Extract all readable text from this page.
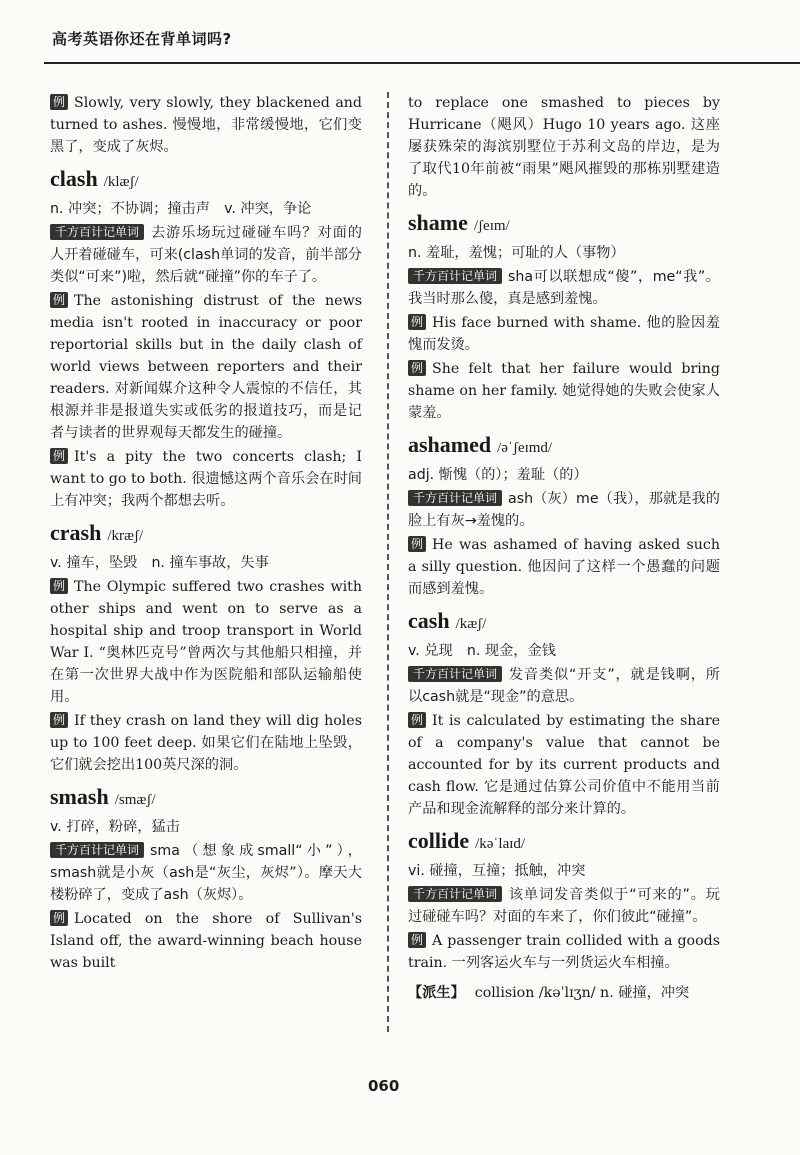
高考英语你还在背单词吗?

例 Slowly, very slowly, they blackened and turned to ashes. 慢慢地，非常缓慢地，它们变黑了，变成了灰烬。

clash /klæʃ/
n. 冲突；不协调；撞击声　v. 冲突，争论

千方百计记单词 去游乐场玩过碰碰车吗？对面的人开着碰碰车，可来(clash单词的发音，前半部分类似“可来”)啦，然后就“碰撞”你的车子了。

例 The astonishing distrust of the news media isn't rooted in inaccuracy or poor reportorial skills but in the daily clash of world views between reporters and their readers. 对新闻媒介这种令人震惊的不信任，其根源并非是报道失实或低劣的报道技巧，而是记者与读者的世界观每天都发生的碰撞。

例 It's a pity the two concerts clash; I want to go to both. 很遗憾这两个音乐会在时间上有冲突；我两个都想去听。

crash /kræʃ/
v. 撞车，坠毁　n. 撞车事故，失事

例 The Olympic suffered two crashes with other ships and went on to serve as a hospital ship and troop transport in World War I. “奥林匹克号”曾两次与其他船只相撞，并在第一次世界大战中作为医院船和部队运输船使用。

例 If they crash on land they will dig holes up to 100 feet deep. 如果它们在陆地上坠毁，它们就会挖出100英尺深的洞。

smash /smæʃ/
v. 打碎，粉碎，猛击

千方百计记单词 sma（想象成small“小”），smash就是小灰（ash是“灰尘，灰烬”）。摩天大楼粉碎了，变成了ash（灰烬）。

例 Located on the shore of Sullivan's Island off, the award-winning beach house was built

to replace one smashed to pieces by Hurricane（飓风）Hugo 10 years ago. 这座屡获殊荣的海滨别墅位于苏利文岛的岸边，是为了取代10年前被“雨果”飓风摧毁的那栋别墅建造的。

shame /ʃeɪm/
n. 羞耻，羞愧；可耻的人（事物）

千方百计记单词 sha可以联想成“傻”，me“我”。我当时那么傻，真是感到羞愧。

例 His face burned with shame. 他的脸因羞愧而发烫。

例 She felt that her failure would bring shame on her family. 她觉得她的失败会使家人蒙羞。

ashamed /əˈʃeɪmd/
adj. 惭愧（的）；羞耻（的）

千方百计记单词 ash（灰）me（我），那就是我的脸上有灰→羞愧的。

例 He was ashamed of having asked such a silly question. 他因问了这样一个愚蠢的问题而感到羞愧。

cash /kæʃ/
v. 兑现　n. 现金，金钱

千方百计记单词 发音类似“开支”，就是钱啊，所以cash就是“现金”的意思。

例 It is calculated by estimating the share of a company's value that cannot be accounted for by its current products and cash flow. 它是通过估算公司价值中不能用当前产品和现金流解释的部分来计算的。

collide /kəˈlaɪd/
vi. 碰撞，互撞；抵触，冲突

千方百计记单词 该单词发音类似于“可来的”。玩过碰碰车吗？对面的车来了，你们彼此“碰撞”。

例 A passenger train collided with a goods train. 一列客运火车与一列货运火车相撞。

【派生】 collision /kəˈlɪʒn/ n. 碰撞，冲突

060
